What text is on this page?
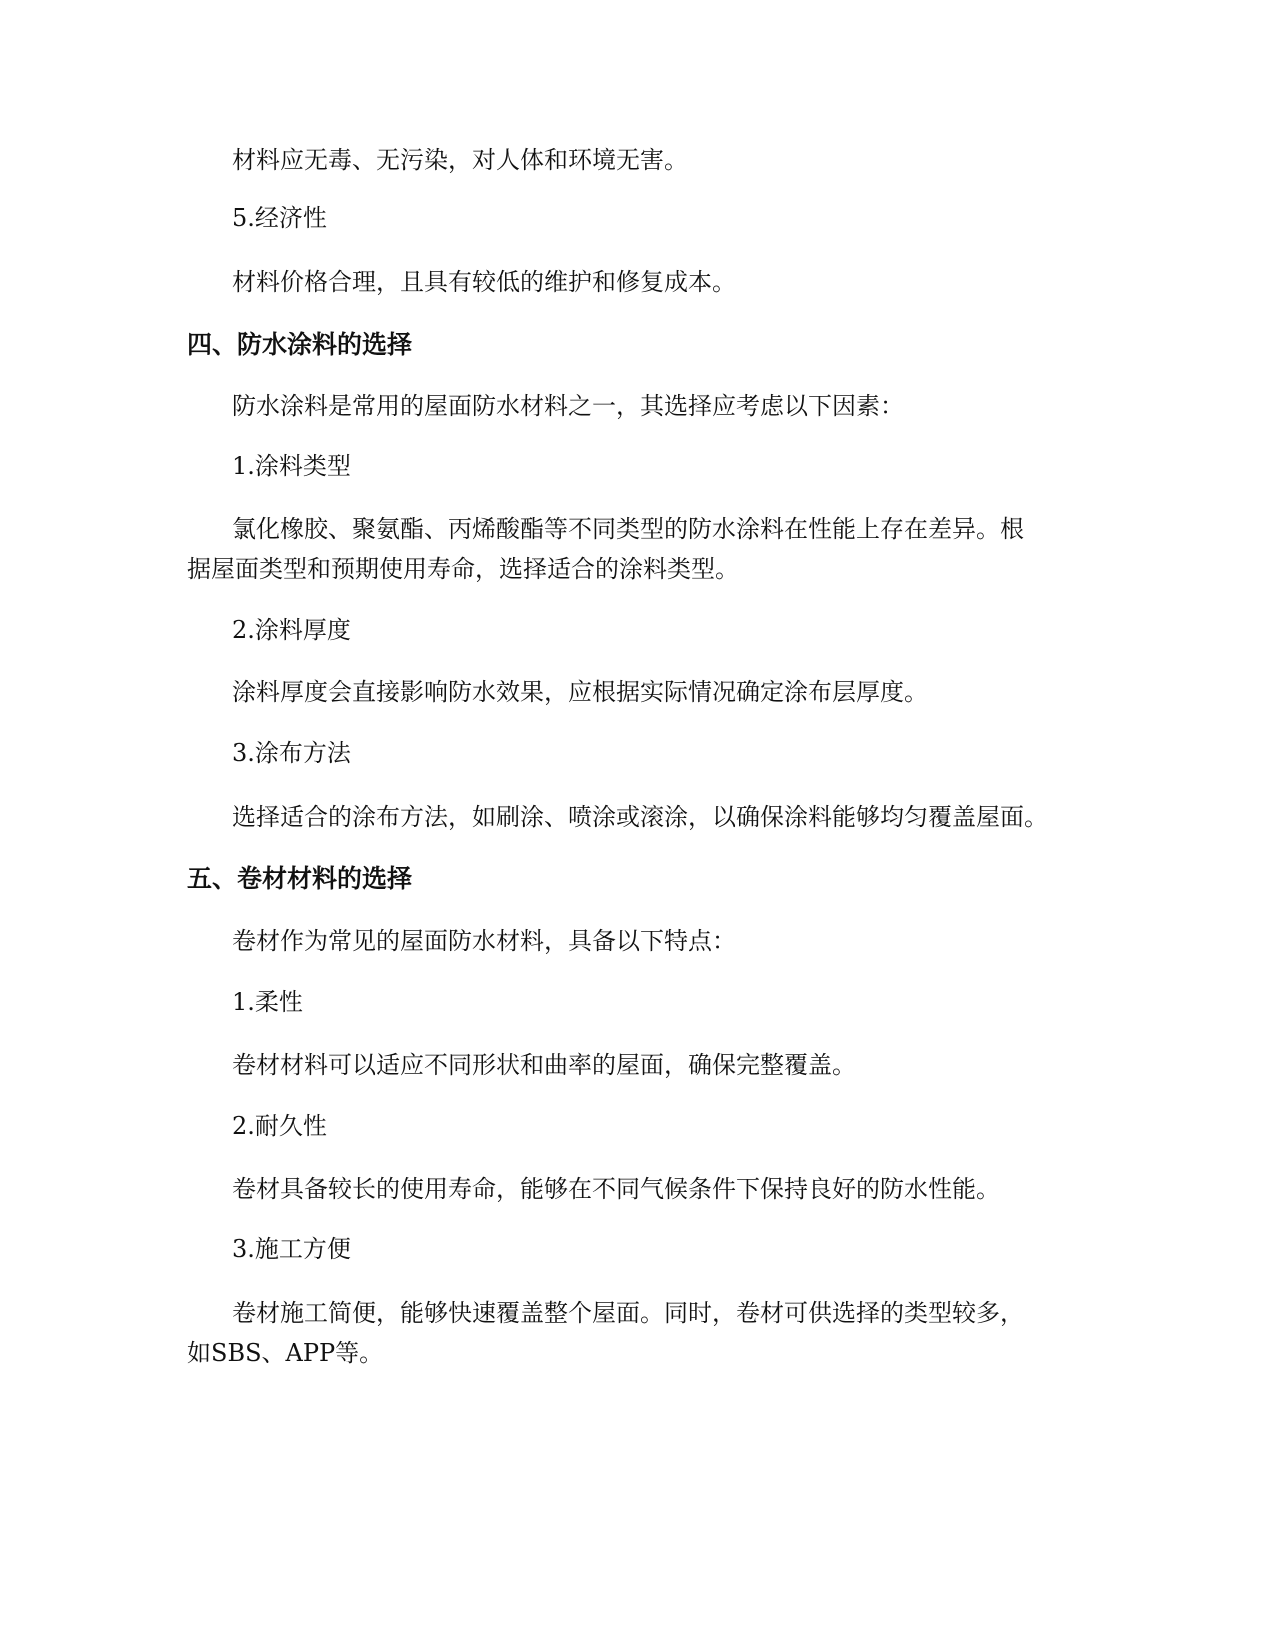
材料应无毒、无污染，对人体和环境无害。

5.经济性

材料价格合理，且具有较低的维护和修复成本。

四、防水涂料的选择

防水涂料是常用的屋面防水材料之一，其选择应考虑以下因素：

1.涂料类型

氯化橡胶、聚氨酯、丙烯酸酯等不同类型的防水涂料在性能上存在差异。根据屋面类型和预期使用寿命，选择适合的涂料类型。

2.涂料厚度

涂料厚度会直接影响防水效果，应根据实际情况确定涂布层厚度。

3.涂布方法

选择适合的涂布方法，如刷涂、喷涂或滚涂，以确保涂料能够均匀覆盖屋面。

五、卷材材料的选择

卷材作为常见的屋面防水材料，具备以下特点：

1.柔性

卷材材料可以适应不同形状和曲率的屋面，确保完整覆盖。

2.耐久性

卷材具备较长的使用寿命，能够在不同气候条件下保持良好的防水性能。

3.施工方便

卷材施工简便，能够快速覆盖整个屋面。同时，卷材可供选择的类型较多，如SBS、APP等。
